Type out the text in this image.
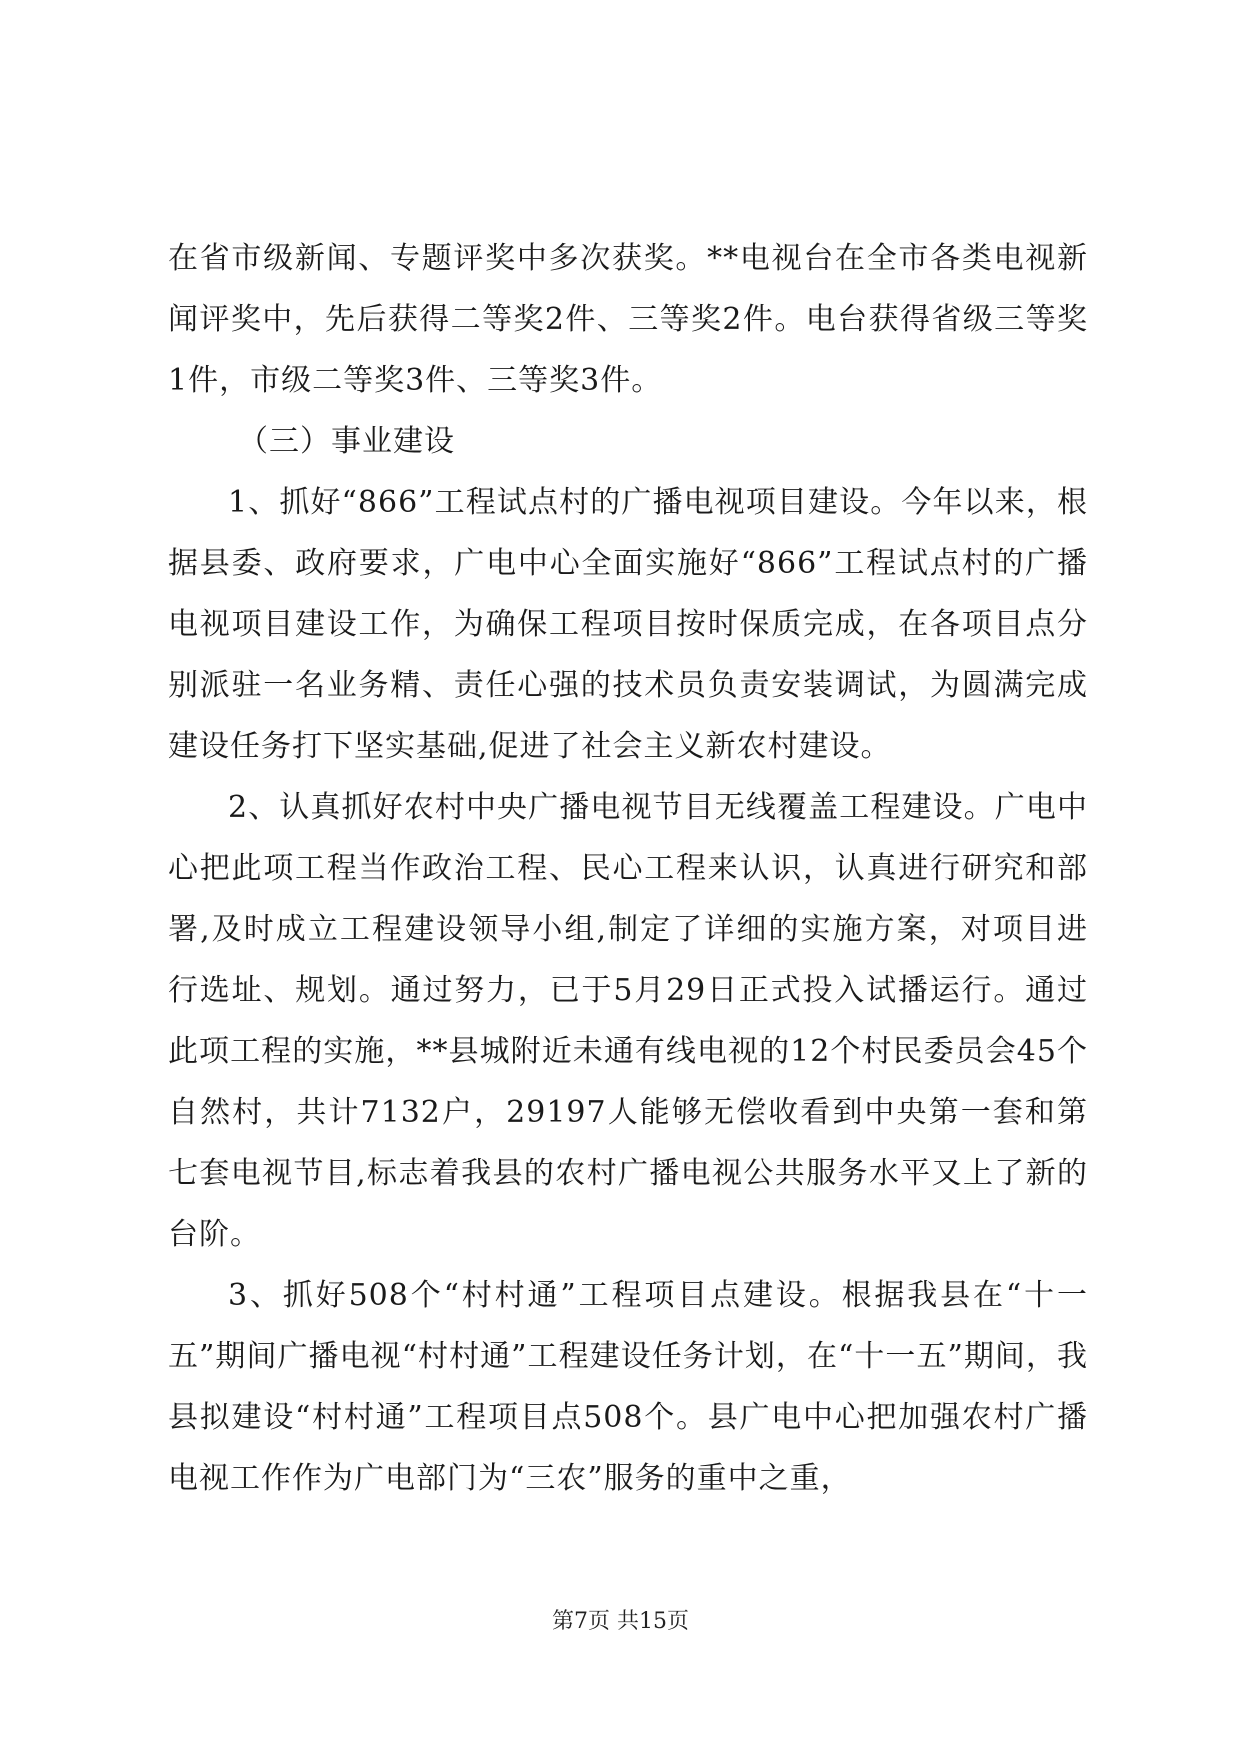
在省市级新闻、专题评奖中多次获奖。**电视台在全市各类电视新闻评奖中，先后获得二等奖2件、三等奖2件。电台获得省级三等奖1件，市级二等奖3件、三等奖3件。

（三）事业建设

1、抓好“866”工程试点村的广播电视项目建设。今年以来，根据县委、政府要求，广电中心全面实施好“866”工程试点村的广播电视项目建设工作，为确保工程项目按时保质完成，在各项目点分别派驻一名业务精、责任心强的技术员负责安装调试，为圆满完成建设任务打下坚实基础,促进了社会主义新农村建设。

2、认真抓好农村中央广播电视节目无线覆盖工程建设。广电中心把此项工程当作政治工程、民心工程来认识，认真进行研究和部署,及时成立工程建设领导小组,制定了详细的实施方案，对项目进行选址、规划。通过努力，已于5月29日正式投入试播运行。通过此项工程的实施，**县城附近未通有线电视的12个村民委员会45个自然村，共计7132户，29197人能够无偿收看到中央第一套和第七套电视节目,标志着我县的农村广播电视公共服务水平又上了新的台阶。

3、抓好508个“村村通”工程项目点建设。根据我县在“十一五”期间广播电视“村村通”工程建设任务计划，在“十一五”期间，我县拟建设“村村通”工程项目点508个。县广电中心把加强农村广播电视工作作为广电部门为“三农”服务的重中之重，

第7页 共15页
